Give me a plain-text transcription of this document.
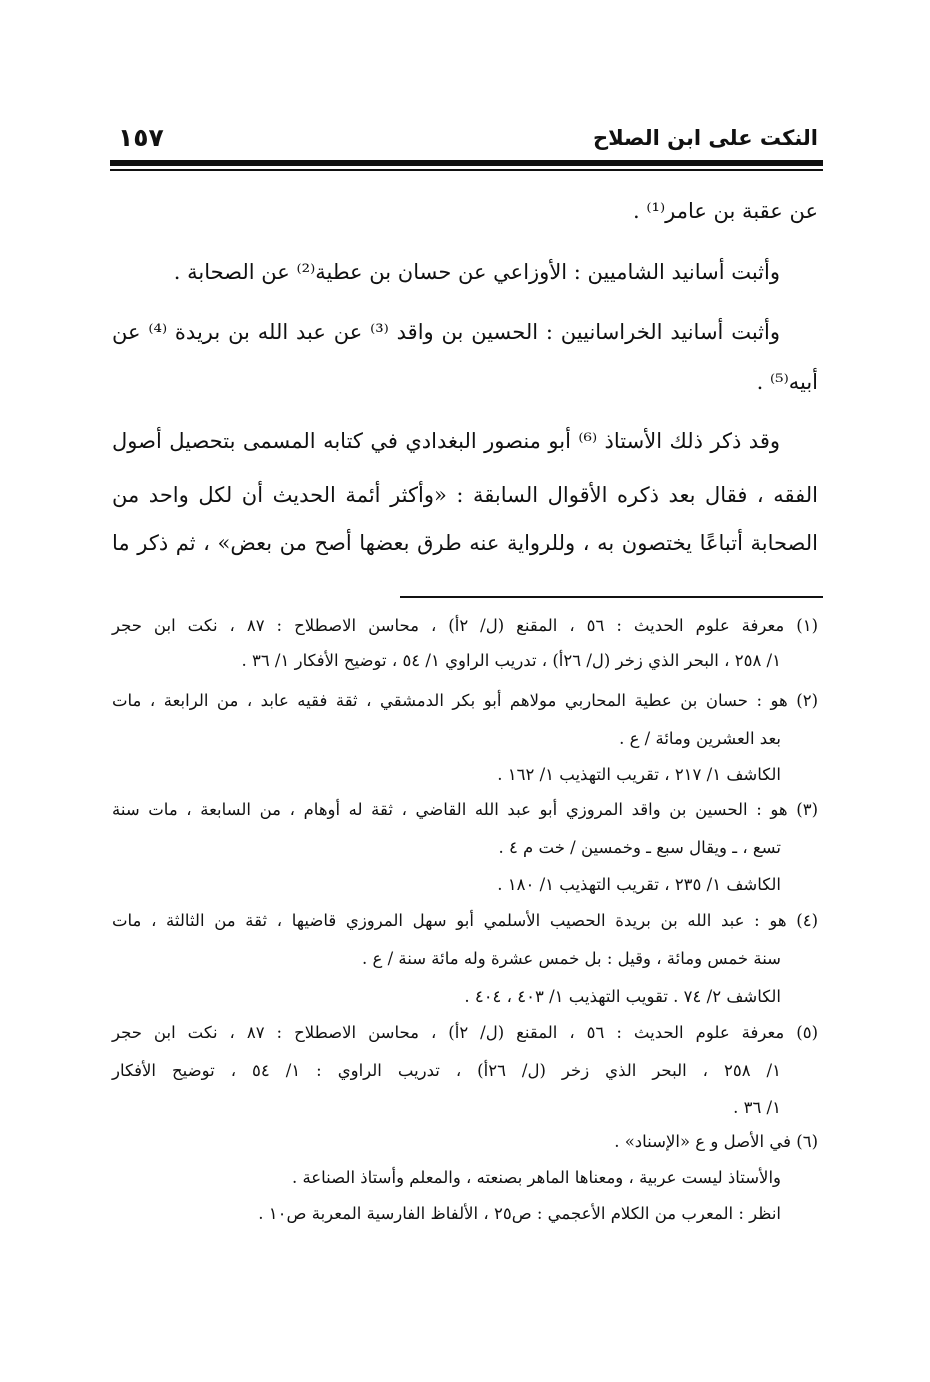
النكت على ابن الصلاح
١٥٧
عن عقبة بن عامر⁽¹⁾ .
وأثبت أسانيد الشاميين : الأوزاعي عن حسان بن عطية⁽²⁾ عن الصحابة .
وأثبت أسانيد الخراسانيين : الحسين بن واقد ⁽³⁾ عن عبد الله بن بريدة ⁽⁴⁾ عن
أبيه⁽⁵⁾ .
وقد ذكر ذلك الأستاذ ⁽⁶⁾ أبو منصور البغدادي في كتابه المسمى بتحصيل أصول
الفقه ، فقال بعد ذكره الأقوال السابقة : «وأكثر أئمة الحديث أن لكل واحد من
الصحابة أتباعًا يختصون به ، وللرواية عنه طرق بعضها أصح من بعض» ، ثم ذكر ما
(١) معرفة علوم الحديث : ٥٦ ، المقنع (ل/ ٢أ) ، محاسن الاصطلاح : ٨٧ ، نكت ابن حجر
١/ ٢٥٨ ، البحر الذي زخر (ل/ ٢٦أ) ، تدريب الراوي ١/ ٥٤ ، توضيح الأفكار ١/ ٣٦ .
(٢) هو : حسان بن عطية المحاربي مولاهم أبو بكر الدمشقي ، ثقة فقيه عابد ، من الرابعة ، مات
بعد العشرين ومائة / ع .
الكاشف ١/ ٢١٧ ، تقريب التهذيب ١/ ١٦٢ .
(٣) هو : الحسين بن واقد المروزي أبو عبد الله القاضي ، ثقة له أوهام ، من السابعة ، مات سنة
تسع ، ـ ويقال سبع ـ وخمسين / خت م ٤ .
الكاشف ١/ ٢٣٥ ، تقريب التهذيب ١/ ١٨٠ .
(٤) هو : عبد الله بن بريدة الحصيب الأسلمي أبو سهل المروزي قاضيها ، ثقة من الثالثة ، مات
سنة خمس ومائة ، وقيل : بل خمس عشرة وله مائة سنة / ع .
الكاشف ٢/ ٧٤ . تقويب التهذيب ١/ ٤٠٣ ، ٤٠٤ .
(٥) معرفة علوم الحديث : ٥٦ ، المقنع (ل/ ٢أ) ، محاسن الاصطلاح : ٨٧ ، نكت ابن حجر
١/ ٢٥٨ ، البحر الذي زخر (ل/ ٢٦أ) ، تدريب الراوي : ١/ ٥٤ ، توضيح الأفكار
١/ ٣٦ .
(٦) في الأصل و ع «الإسناد» .
والأستاذ ليست عربية ، ومعناها الماهر بصنعته ، والمعلم وأستاذ الصناعة .
انظر : المعرب من الكلام الأعجمي : ص٢٥ ، الألفاظ الفارسية المعربة ص١٠ .
